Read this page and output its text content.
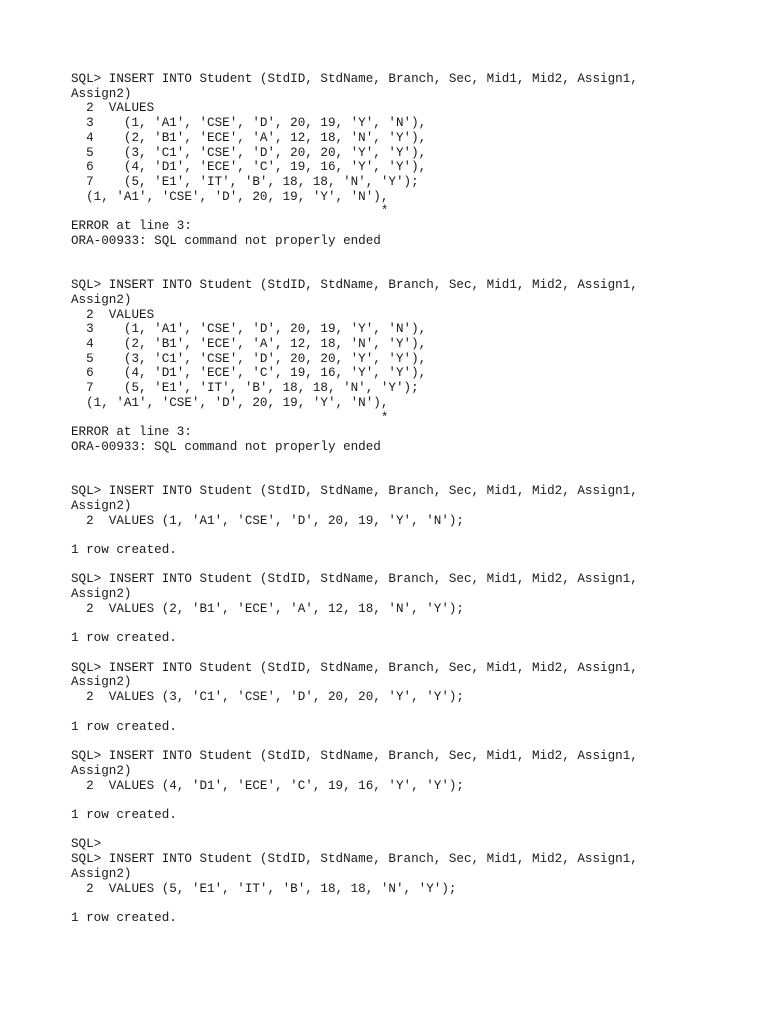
SQL> INSERT INTO Student (StdID, StdName, Branch, Sec, Mid1, Mid2, Assign1,
Assign2)
2  VALUES
3    (1, 'A1', 'CSE', 'D', 20, 19, 'Y', 'N'),
4    (2, 'B1', 'ECE', 'A', 12, 18, 'N', 'Y'),
5    (3, 'C1', 'CSE', 'D', 20, 20, 'Y', 'Y'),
6    (4, 'D1', 'ECE', 'C', 19, 16, 'Y', 'Y'),
7    (5, 'E1', 'IT', 'B', 18, 18, 'N', 'Y');
(1, 'A1', 'CSE', 'D', 20, 19, 'Y', 'N'),
*
ERROR at line 3:
ORA-00933: SQL command not properly ended
SQL> INSERT INTO Student (StdID, StdName, Branch, Sec, Mid1, Mid2, Assign1,
Assign2)
2  VALUES
3    (1, 'A1', 'CSE', 'D', 20, 19, 'Y', 'N'),
4    (2, 'B1', 'ECE', 'A', 12, 18, 'N', 'Y'),
5    (3, 'C1', 'CSE', 'D', 20, 20, 'Y', 'Y'),
6    (4, 'D1', 'ECE', 'C', 19, 16, 'Y', 'Y'),
7    (5, 'E1', 'IT', 'B', 18, 18, 'N', 'Y');
(1, 'A1', 'CSE', 'D', 20, 19, 'Y', 'N'),
*
ERROR at line 3:
ORA-00933: SQL command not properly ended
SQL> INSERT INTO Student (StdID, StdName, Branch, Sec, Mid1, Mid2, Assign1,
Assign2)
2  VALUES (1, 'A1', 'CSE', 'D', 20, 19, 'Y', 'N');
1 row created.
SQL> INSERT INTO Student (StdID, StdName, Branch, Sec, Mid1, Mid2, Assign1,
Assign2)
2  VALUES (2, 'B1', 'ECE', 'A', 12, 18, 'N', 'Y');
1 row created.
SQL> INSERT INTO Student (StdID, StdName, Branch, Sec, Mid1, Mid2, Assign1,
Assign2)
2  VALUES (3, 'C1', 'CSE', 'D', 20, 20, 'Y', 'Y');
1 row created.
SQL> INSERT INTO Student (StdID, StdName, Branch, Sec, Mid1, Mid2, Assign1,
Assign2)
2  VALUES (4, 'D1', 'ECE', 'C', 19, 16, 'Y', 'Y');
1 row created.
SQL>
SQL> INSERT INTO Student (StdID, StdName, Branch, Sec, Mid1, Mid2, Assign1,
Assign2)
2  VALUES (5, 'E1', 'IT', 'B', 18, 18, 'N', 'Y');
1 row created.
